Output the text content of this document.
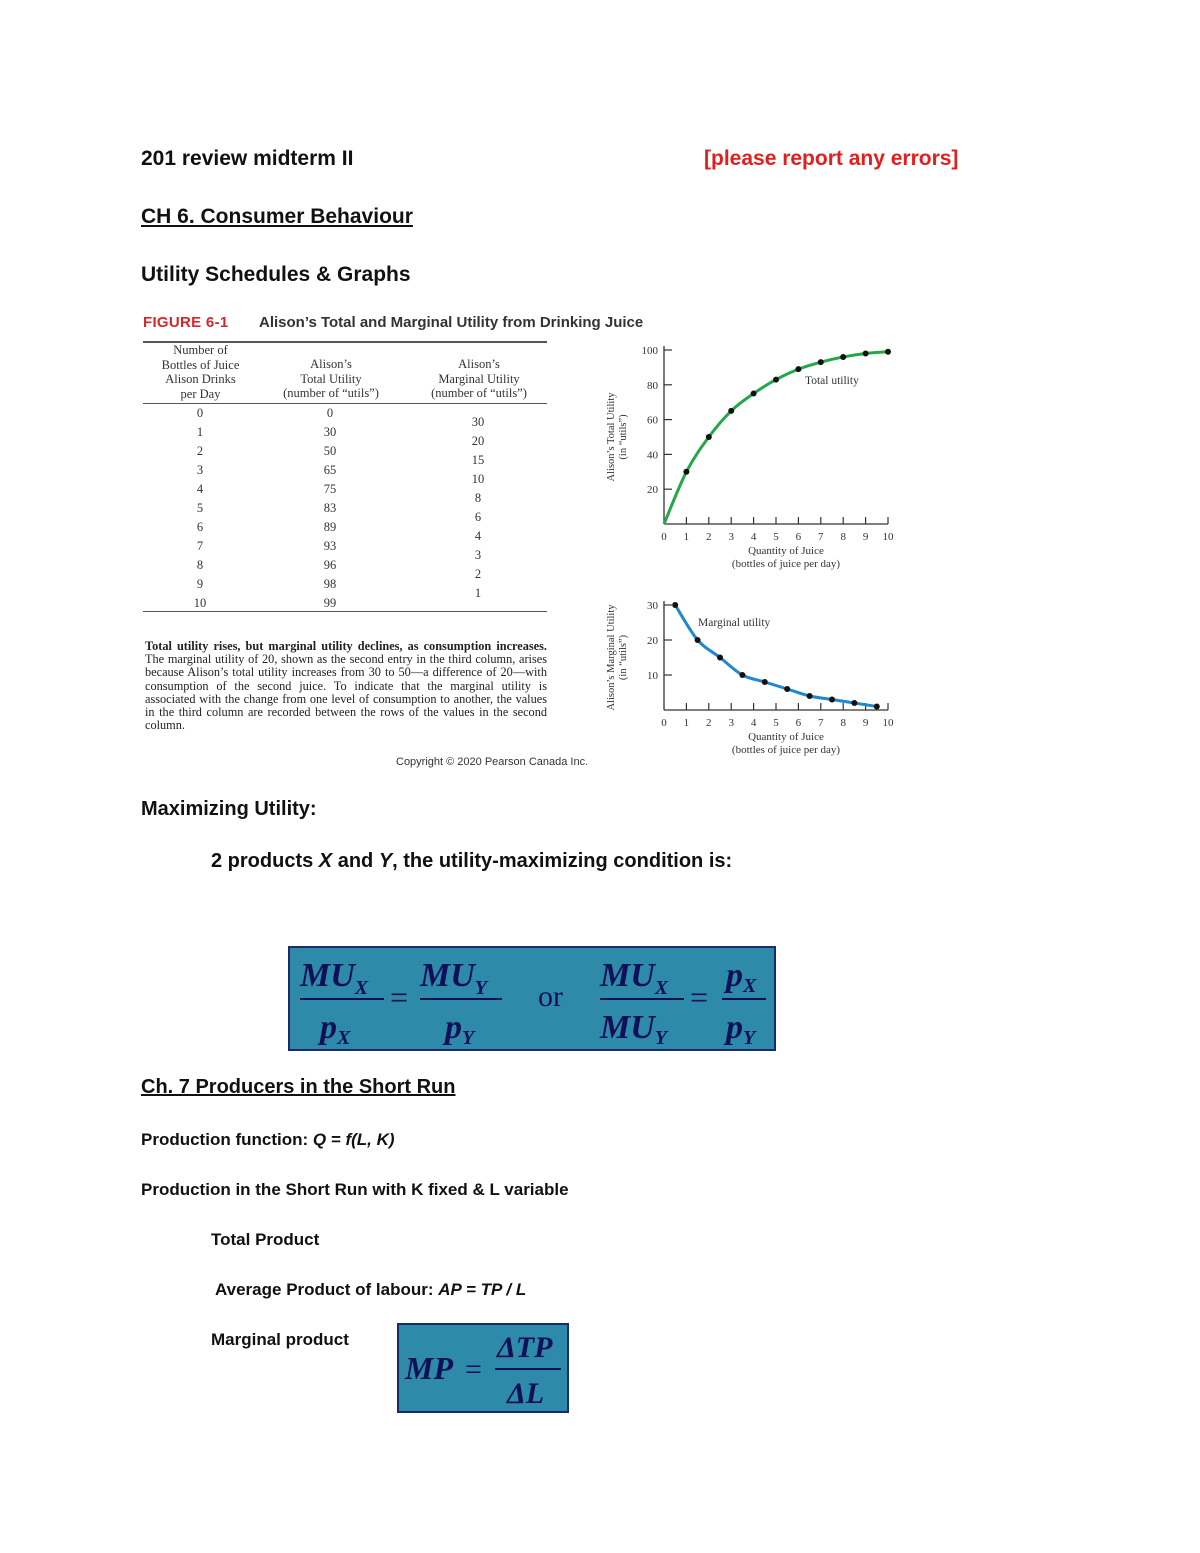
201 review midterm II	[please report any errors]
CH 6. Consumer Behaviour
Utility Schedules & Graphs
FIGURE 6-1 Alison’s Total and Marginal Utility from Drinking Juice
Number of
Bottles of Juice
Alison Drinks
per Day
Alison’s
Total Utility
(number of “utils”)
Alison’s
Marginal Utility
(number of “utils”)
0
1
2
3
4
5
6
7
8
9
10
0
30
50
65
75
83
89
93
96
98
99
30
20
15
10
8
6
4
3
2
1
Total utility rises, but marginal utility declines, as consumption increases. The marginal utility of 20, shown as the second entry in the third column, arises because Alison’s total utility increases from 30 to 50—a difference of 20—with consumption of the second juice. To indicate that the marginal utility is associated with the change from one level of consumption to another, the values in the third column are recorded between the rows of the values in the second column.
Copyright © 2020 Pearson Canada Inc.
0 1 2 3 4 5 6 7 8 9 10
20
40
60
80
100
Quantity of Juice
(bottles of juice per day)
Alison’s Total Utility (in “utils”)
Total utility
0 1 2 3 4 5 6 7 8 9 10
10
20
30
Quantity of Juice
(bottles of juice per day)
Alison’s Marginal Utility (in “utils”)
Marginal utility
Maximizing Utility:
2 products X and Y, the utility-maximizing condition is:
$MU_X$
pX
=
$MU_Y$
pY
or
$MU_X$
MUY
=
pX
pY
Ch. 7 Producers in the Short Run
Production function: Q = f(L, K)
Production in the Short Run with K fixed & L variable
Total Product
Average Product of labour: AP = TP / L
Marginal product
MP =
ΔTP
ΔL
